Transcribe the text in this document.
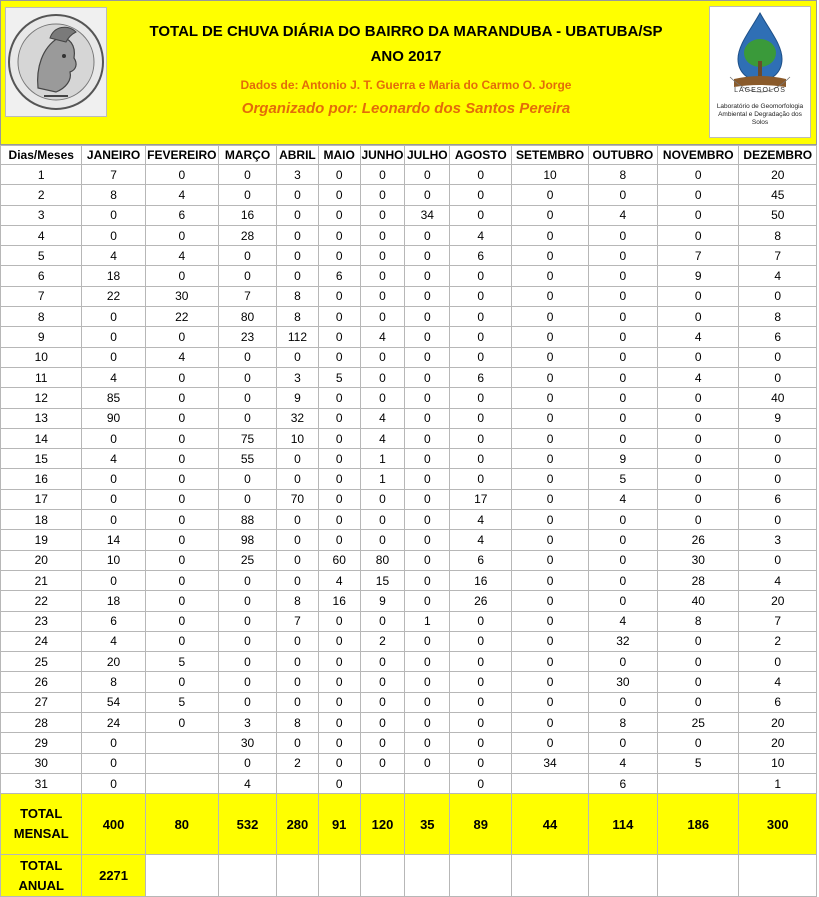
TOTAL DE CHUVA DIÁRIA DO BAIRRO DA MARANDUBA - UBATUBA/SP
ANO 2017
Dados de: Antonio J. T. Guerra e Maria do Carmo O. Jorge
Organizado por: Leonardo dos Santos Pereira
LAGESOLOS
Laboratório de Geomorfologia Ambiental e Degradação dos Solos
Dias/Meses	JANEIRO	FEVEREIRO	MARÇO	ABRIL	MAIO	JUNHO	JULHO	AGOSTO	SETEMBRO	OUTUBRO	NOVEMBRO	DEZEMBRO
1	7	0	0	3	0	0	0	0	10	8	0	20
2	8	4	0	0	0	0	0	0	0	0	0	45
3	0	6	16	0	0	0	34	0	0	4	0	50
4	0	0	28	0	0	0	0	4	0	0	0	8
5	4	4	0	0	0	0	0	6	0	0	7	7
6	18	0	0	0	6	0	0	0	0	0	9	4
7	22	30	7	8	0	0	0	0	0	0	0	0
8	0	22	80	8	0	0	0	0	0	0	0	8
9	0	0	23	112	0	4	0	0	0	0	4	6
10	0	4	0	0	0	0	0	0	0	0	0	0
11	4	0	0	3	5	0	0	6	0	0	4	0
12	85	0	0	9	0	0	0	0	0	0	0	40
13	90	0	0	32	0	4	0	0	0	0	0	9
14	0	0	75	10	0	4	0	0	0	0	0	0
15	4	0	55	0	0	1	0	0	0	9	0	0
16	0	0	0	0	0	1	0	0	0	5	0	0
17	0	0	0	70	0	0	0	17	0	4	0	6
18	0	0	88	0	0	0	0	4	0	0	0	0
19	14	0	98	0	0	0	0	4	0	0	26	3
20	10	0	25	0	60	80	0	6	0	0	30	0
21	0	0	0	0	4	15	0	16	0	0	28	4
22	18	0	0	8	16	9	0	26	0	0	40	20
23	6	0	0	7	0	0	1	0	0	4	8	7
24	4	0	0	0	0	2	0	0	0	32	0	2
25	20	5	0	0	0	0	0	0	0	0	0	0
26	8	0	0	0	0	0	0	0	0	30	0	4
27	54	5	0	0	0	0	0	0	0	0	0	6
28	24	0	3	8	0	0	0	0	0	8	25	20
29	0		30	0	0	0	0	0	0	0	0	20
30	0		0	2	0	0	0	0	34	4	5	10
31	0		4		0			0		6		1
TOTAL MENSAL	400	80	532	280	91	120	35	89	44	114	186	300
TOTAL ANUAL	2271											
